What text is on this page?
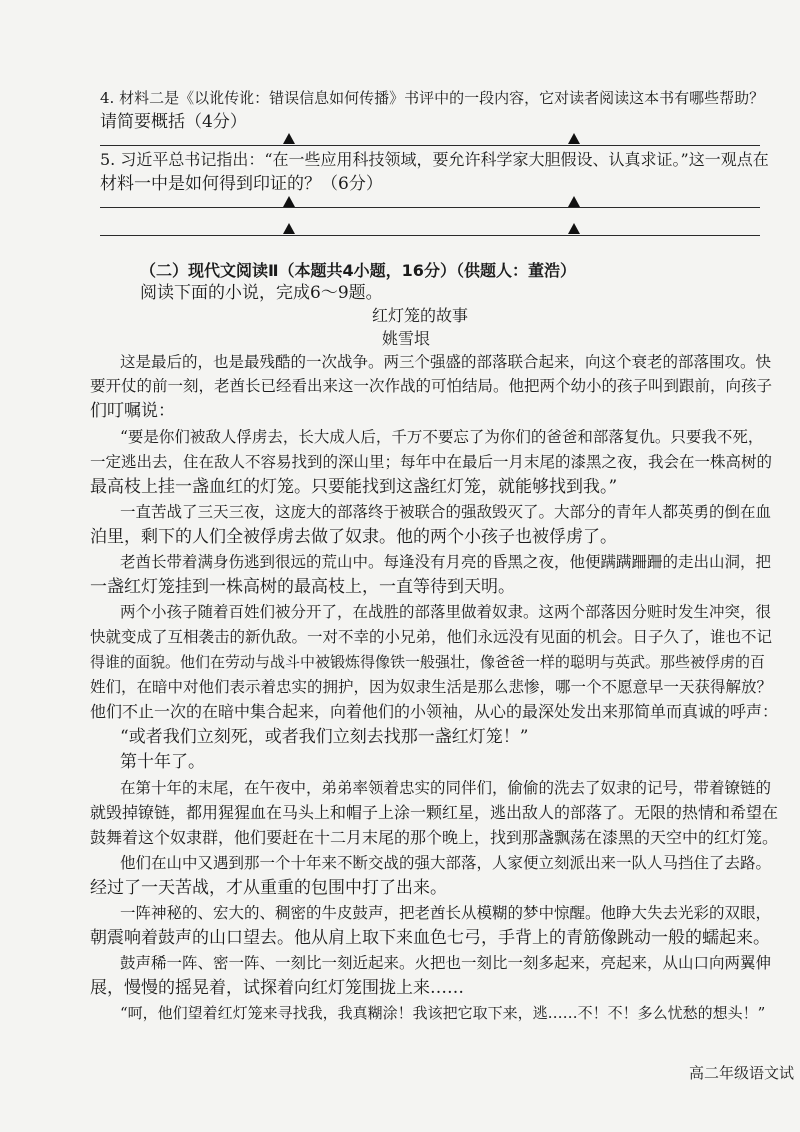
4. 材料二是《以讹传讹：错误信息如何传播》书评中的一段内容，它对读者阅读这本书有哪些帮助？
请简要概括（4分）
5. 习近平总书记指出：“在一些应用科技领域，要允许科学家大胆假设、认真求证。”这一观点在
材料一中是如何得到印证的？（6分）
（二）现代文阅读Ⅱ（本题共4小题，16分）（供题人：董浩）
阅读下面的小说，完成6～9题。
红灯笼的故事
姚雪垠
这是最后的，也是最残酷的一次战争。两三个强盛的部落联合起来，向这个衰老的部落围攻。快
要开仗的前一刻，老酋长已经看出来这一次作战的可怕结局。他把两个幼小的孩子叫到跟前，向孩子
们叮嘱说：
“要是你们被敌人俘虏去，长大成人后，千万不要忘了为你们的爸爸和部落复仇。只要我不死，
一定逃出去，住在敌人不容易找到的深山里；每年中在最后一月末尾的漆黑之夜，我会在一株高树的
最高枝上挂一盏血红的灯笼。只要能找到这盏红灯笼，就能够找到我。”
一直苦战了三天三夜，这庞大的部落终于被联合的强敌毁灭了。大部分的青年人都英勇的倒在血
泊里，剩下的人们全被俘虏去做了奴隶。他的两个小孩子也被俘虏了。
老酋长带着满身伤逃到很远的荒山中。每逢没有月亮的昏黑之夜，他便蹒蹒跚跚的走出山洞，把
一盏红灯笼挂到一株高树的最高枝上，一直等待到天明。
两个小孩子随着百姓们被分开了，在战胜的部落里做着奴隶。这两个部落因分赃时发生冲突，很
快就变成了互相袭击的新仇敌。一对不幸的小兄弟，他们永远没有见面的机会。日子久了，谁也不记
得谁的面貌。他们在劳动与战斗中被锻炼得像铁一般强壮，像爸爸一样的聪明与英武。那些被俘虏的百
姓们，在暗中对他们表示着忠实的拥护，因为奴隶生活是那么悲惨，哪一个不愿意早一天获得解放？
他们不止一次的在暗中集合起来，向着他们的小领袖，从心的最深处发出来那简单而真诚的呼声：
“或者我们立刻死，或者我们立刻去找那一盏红灯笼！”
第十年了。
在第十年的末尾，在午夜中，弟弟率领着忠实的同伴们，偷偷的洗去了奴隶的记号，带着镣链的
就毁掉镣链，都用猩猩血在马头上和帽子上涂一颗红星，逃出敌人的部落了。无限的热情和希望在
鼓舞着这个奴隶群，他们要赶在十二月末尾的那个晚上，找到那盏飘荡在漆黑的天空中的红灯笼。
他们在山中又遇到那一个十年来不断交战的强大部落，人家便立刻派出来一队人马挡住了去路。
经过了一天苦战，才从重重的包围中打了出来。
一阵神秘的、宏大的、稠密的牛皮鼓声，把老酋长从模糊的梦中惊醒。他睁大失去光彩的双眼，
朝震响着鼓声的山口望去。他从肩上取下来血色七弓，手背上的青筋像跳动一般的蠕起来。
鼓声稀一阵、密一阵、一刻比一刻近起来。火把也一刻比一刻多起来，亮起来，从山口向两翼伸
展，慢慢的摇晃着，试探着向红灯笼围拢上来……
“呵，他们望着红灯笼来寻找我，我真糊涂！我该把它取下来，逃……不！不！多么忧愁的想头！”
高二年级语文试
